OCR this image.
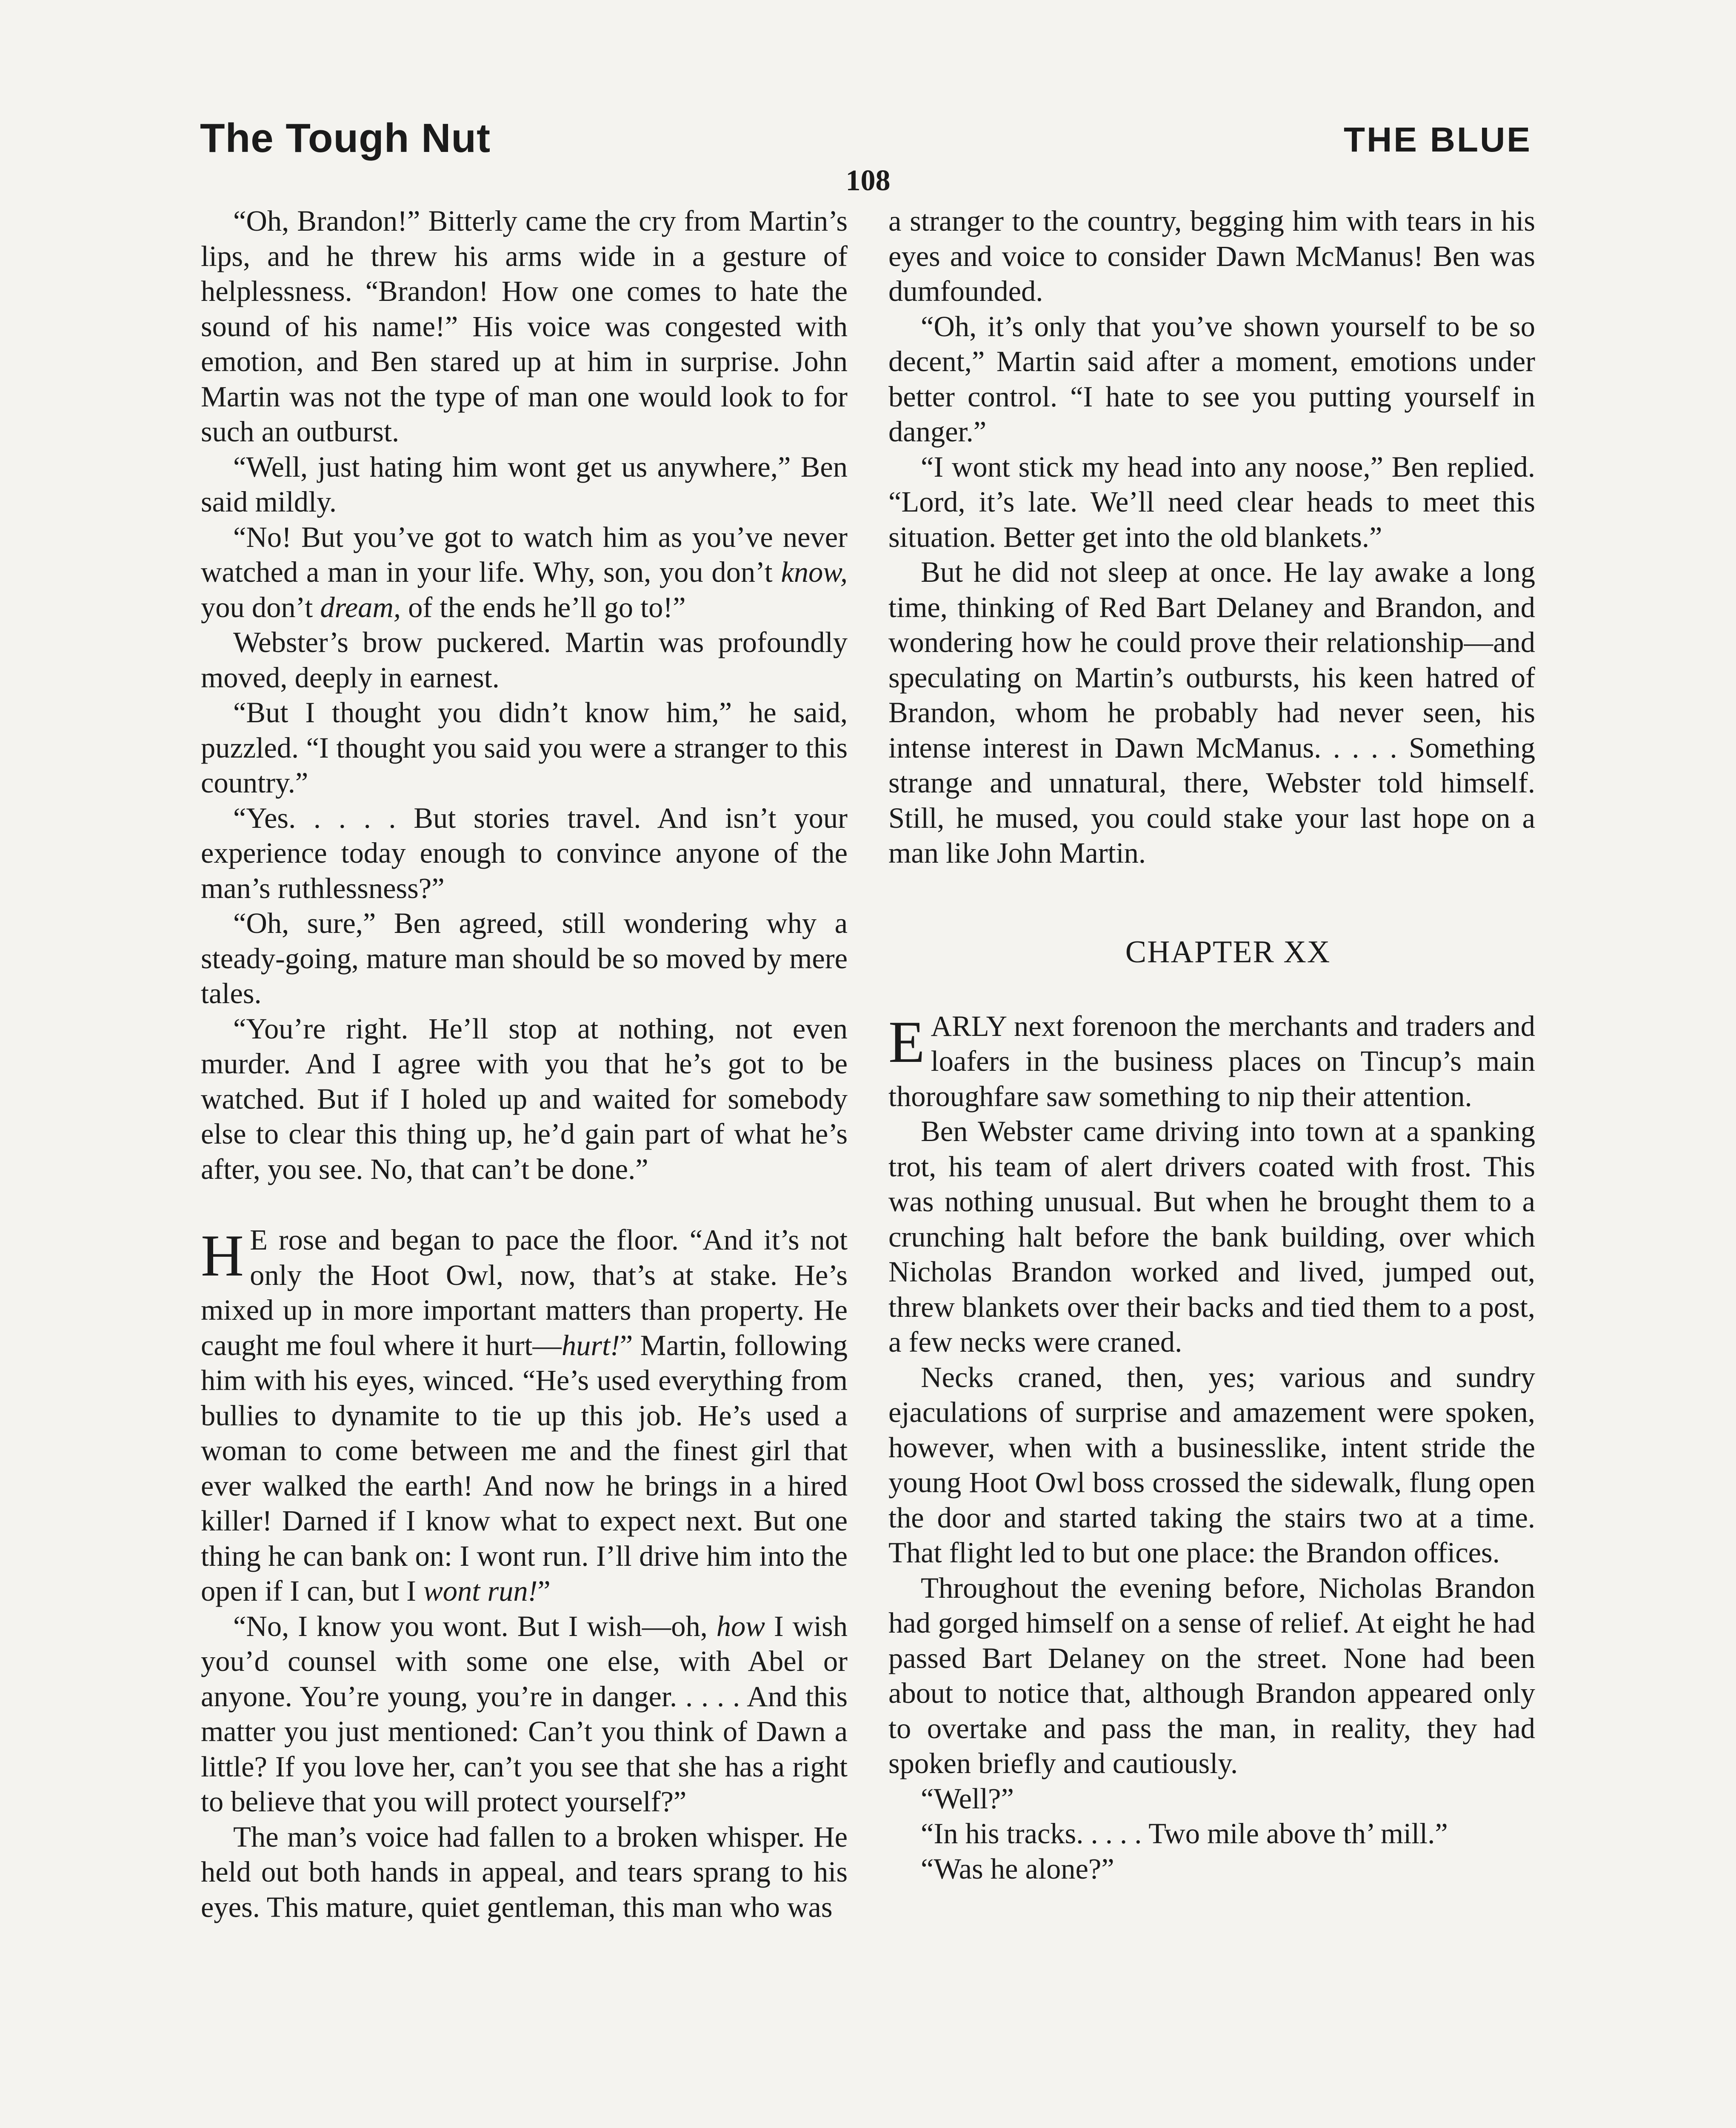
The Tough Nut	THE BLUE
108

“Oh, Brandon!” Bitterly came the cry from Martin’s lips, and he threw his arms wide in a gesture of helplessness. “Brandon! How one comes to hate the sound of his name!” His voice was congested with emotion, and Ben stared up at him in surprise. John Martin was not the type of man one would look to for such an outburst.

“Well, just hating him wont get us anywhere,” Ben said mildly.

“No! But you’ve got to watch him as you’ve never watched a man in your life. Why, son, you don’t know, you don’t dream, of the ends he’ll go to!”

Webster’s brow puckered. Martin was profoundly moved, deeply in earnest.

“But I thought you didn’t know him,” he said, puzzled. “I thought you said you were a stranger to this country.”

“Yes. . . . . But stories travel. And isn’t your experience today enough to convince anyone of the man’s ruthlessness?”

“Oh, sure,” Ben agreed, still wondering why a steady-going, mature man should be so moved by mere tales.

“You’re right. He’ll stop at nothing, not even murder. And I agree with you that he’s got to be watched. But if I holed up and waited for somebody else to clear this thing up, he’d gain part of what he’s after, you see. No, that can’t be done.”

H E rose and began to pace the floor. “And it’s not only the Hoot Owl, now, that’s at stake. He’s mixed up in more important matters than property. He caught me foul where it hurt—hurt!” Martin, following him with his eyes, winced. “He’s used everything from bullies to dynamite to tie up this job. He’s used a woman to come between me and the finest girl that ever walked the earth! And now he brings in a hired killer! Darned if I know what to expect next. But one thing he can bank on: I wont run. I’ll drive him into the open if I can, but I wont run!”

“No, I know you wont. But I wish—oh, how I wish you’d counsel with some one else, with Abel or anyone. You’re young, you’re in danger. . . . . And this matter you just mentioned: Can’t you think of Dawn a little? If you love her, can’t you see that she has a right to believe that you will protect yourself?”

The man’s voice had fallen to a broken whisper. He held out both hands in appeal, and tears sprang to his eyes. This mature, quiet gentleman, this man who was

a stranger to the country, begging him with tears in his eyes and voice to consider Dawn McManus! Ben was dumfounded.

“Oh, it’s only that you’ve shown yourself to be so decent,” Martin said after a moment, emotions under better control. “I hate to see you putting yourself in danger.”

“I wont stick my head into any noose,” Ben replied. “Lord, it’s late. We’ll need clear heads to meet this situation. Better get into the old blankets.”

But he did not sleep at once. He lay awake a long time, thinking of Red Bart Delaney and Brandon, and wondering how he could prove their relationship—and speculating on Martin’s outbursts, his keen hatred of Brandon, whom he probably had never seen, his intense interest in Dawn McManus. . . . . Something strange and unnatural, there, Webster told himself. Still, he mused, you could stake your last hope on a man like John Martin.

CHAPTER XX

EARLY next forenoon the merchants and traders and loafers in the business places on Tincup’s main thoroughfare saw something to nip their attention.

Ben Webster came driving into town at a spanking trot, his team of alert drivers coated with frost. This was nothing unusual. But when he brought them to a crunching halt before the bank building, over which Nicholas Brandon worked and lived, jumped out, threw blankets over their backs and tied them to a post, a few necks were craned.

Necks craned, then, yes; various and sundry ejaculations of surprise and amazement were spoken, however, when with a businesslike, intent stride the young Hoot Owl boss crossed the sidewalk, flung open the door and started taking the stairs two at a time. That flight led to but one place: the Brandon offices.

Throughout the evening before, Nicholas Brandon had gorged himself on a sense of relief. At eight he had passed Bart Delaney on the street. None had been about to notice that, although Brandon appeared only to overtake and pass the man, in reality, they had spoken briefly and cautiously.

“Well?”

“In his tracks. . . . . Two mile above th’ mill.”

“Was he alone?”
